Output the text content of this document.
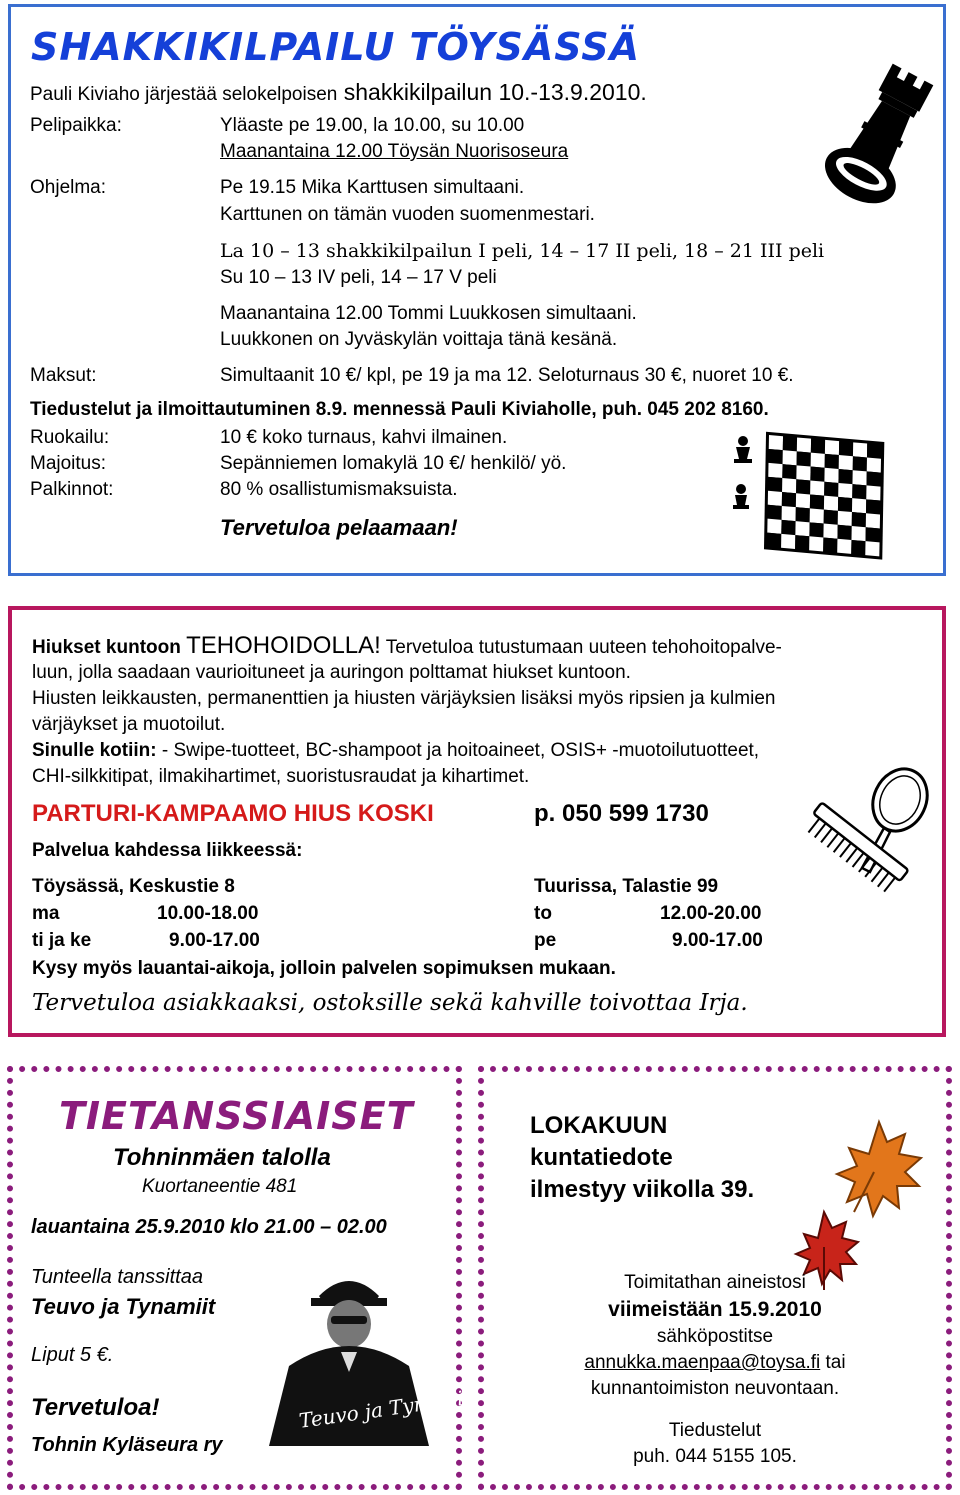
SHAKKIKILPAILU TÖYSÄSSÄ
Pauli Kiviaho järjestää selokelpoisen shakkikilpailun 10.-13.9.2010.
Pelipaikka:	Yläaste pe 19.00, la 10.00, su 10.00
Maanantaina 12.00 Töysän Nuorisoseura
Ohjelma:	Pe 19.15 Mika Karttusen simultaani.
Karttunen on tämän vuoden suomenmestari.
La 10 – 13 shakkikilpailun I peli, 14 – 17 II peli, 18 – 21 III peli
Su 10 – 13 IV peli, 14 – 17 V peli
Maanantaina 12.00 Tommi Luukkosen simultaani.
Luukkonen on Jyväskylän voittaja tänä kesänä.
Maksut:	Simultaanit 10 €/ kpl, pe 19 ja ma 12. Seloturnaus 30 €, nuoret 10 €.
Tiedustelut ja ilmoittautuminen 8.9. mennessä Pauli Kiviaholle, puh. 045 202 8160.
Ruokailu:	10 € koko turnaus, kahvi ilmainen.
Majoitus:	Sepänniemen lomakylä 10 €/ henkilö/ yö.
Palkinnot:	80 % osallistumismaksuista.
Tervetuloa pelaamaan!
Hiukset kuntoon TEHOHOIDOLLA! Tervetuloa tutustumaan uuteen tehohoitopalve-
luun, jolla saadaan vaurioituneet ja auringon polttamat hiukset kuntoon.
Hiusten leikkausten, permanenttien ja hiusten värjäyksien lisäksi myös ripsien ja kulmien
värjäykset ja muotoilut.
Sinulle kotiin: - Swipe-tuotteet, BC-shampoot ja hoitoaineet, OSIS+ -muotoilutuotteet,
CHI-silkkitipat, ilmakihartimet, suoristusraudat ja kihartimet.
PARTURI-KAMPAAMO HIUS KOSKI	p. 050 599 1730
Palvelua kahdessa liikkeessä:
Töysässä, Keskustie 8
ma	10.00-18.00
ti ja ke	9.00-17.00
Tuurissa, Talastie 99
to	12.00-20.00
pe	9.00-17.00
Kysy myös lauantai-aikoja, jolloin palvelen sopimuksen mukaan.
Tervetuloa asiakkaaksi, ostoksille sekä kahville toivottaa Irja.
TIETANSSIAISET
Tohninmäen talolla
Kuortaneentie 481
lauantaina 25.9.2010 klo 21.00 – 02.00
Tunteella tanssittaa
Teuvo ja Tynamiit
Liput 5 €.
Tervetuloa!
Tohnin Kyläseura ry
Teuvo ja Tynamiit
LOKAKUUN
kuntatiedote
ilmestyy viikolla 39.
Toimitathan aineistosi
viimeistään 15.9.2010
sähköpostitse
annukka.maenpaa@toysa.fi tai
kunnantoimiston neuvontaan.
Tiedustelut
puh. 044 5155 105.
